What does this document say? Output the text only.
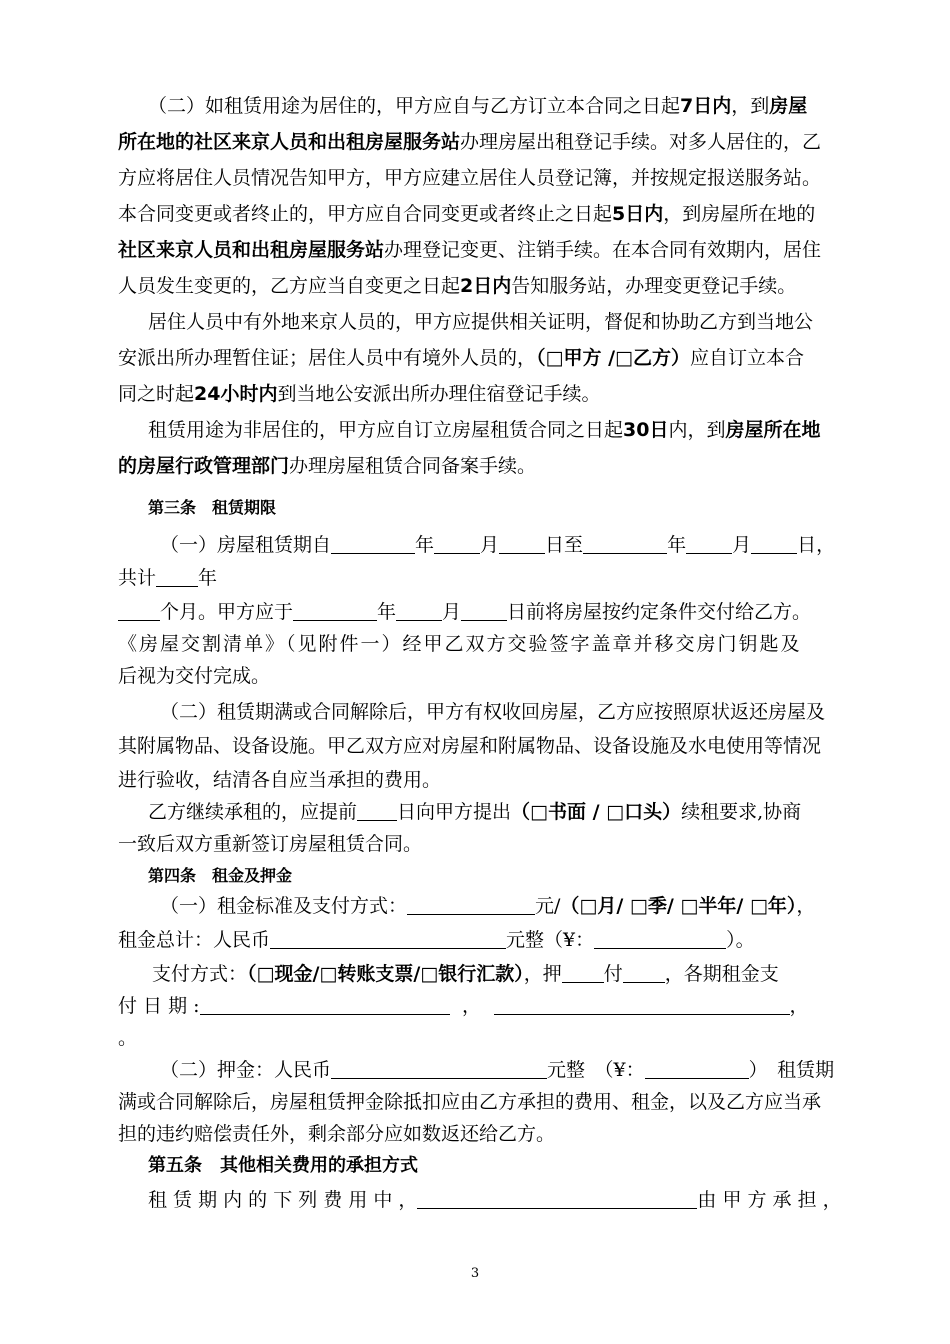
（二）如租赁用途为居住的，甲方应自与乙方订立本合同之日起7日内，到房屋
所在地的社区来京人员和出租房屋服务站办理房屋出租登记手续。对多人居住的，乙
方应将居住人员情况告知甲方，甲方应建立居住人员登记簿，并按规定报送服务站。
本合同变更或者终止的，甲方应自合同变更或者终止之日起5日内，到房屋所在地的
社区来京人员和出租房屋服务站办理登记变更、注销手续。在本合同有效期内，居住
人员发生变更的，乙方应当自变更之日起2日内告知服务站，办理变更登记手续。
居住人员中有外地来京人员的，甲方应提供相关证明，督促和协助乙方到当地公
安派出所办理暂住证；居住人员中有境外人员的，（□甲方 /□乙方）应自订立本合
同之时起24小时内到当地公安派出所办理住宿登记手续。
租赁用途为非居住的，甲方应自订立房屋租赁合同之日起30日内，到房屋所在地
的房屋行政管理部门办理房屋租赁合同备案手续。
第三条　租赁期限
（一）房屋租赁期自	年 月 日至	年 月 日，
共计 年
个月。甲方应于	年 月 日前将房屋按约定条件交付给乙方。
《房屋交割清单》（见附件一）经甲乙双方交验签字盖章并移交房门钥匙及
后视为交付完成。
（二）租赁期满或合同解除后，甲方有权收回房屋，乙方应按照原状返还房屋及
其附属物品、设备设施。甲乙双方应对房屋和附属物品、设备设施及水电使用等情况
进行验收，结清各自应当承担的费用。
乙方继续承租的，应提前 日向甲方提出（□书面 / □口头）续租要求,协商
一致后双方重新签订房屋租赁合同。
第四条　租金及押金
（一）租金标准及支付方式：	元/（□月/ □季/ □半年/ □年），
租金总计：人民币	元整（¥：	）。
支付方式：（□现金/□转账支票/□银行汇款），押 付 ，各期租金支
付 日 期 :	，	，
。
（二）押金：人民币	元整　（¥：	）　租赁期
满或合同解除后，房屋租赁押金除抵扣应由乙方承担的费用、租金，以及乙方应当承
担的违约赔偿责任外，剩余部分应如数返还给乙方。
第五条　其他相关费用的承担方式
租 赁 期 内 的 下 列 费 用 中 ，	由 甲 方 承 担 ，
3
